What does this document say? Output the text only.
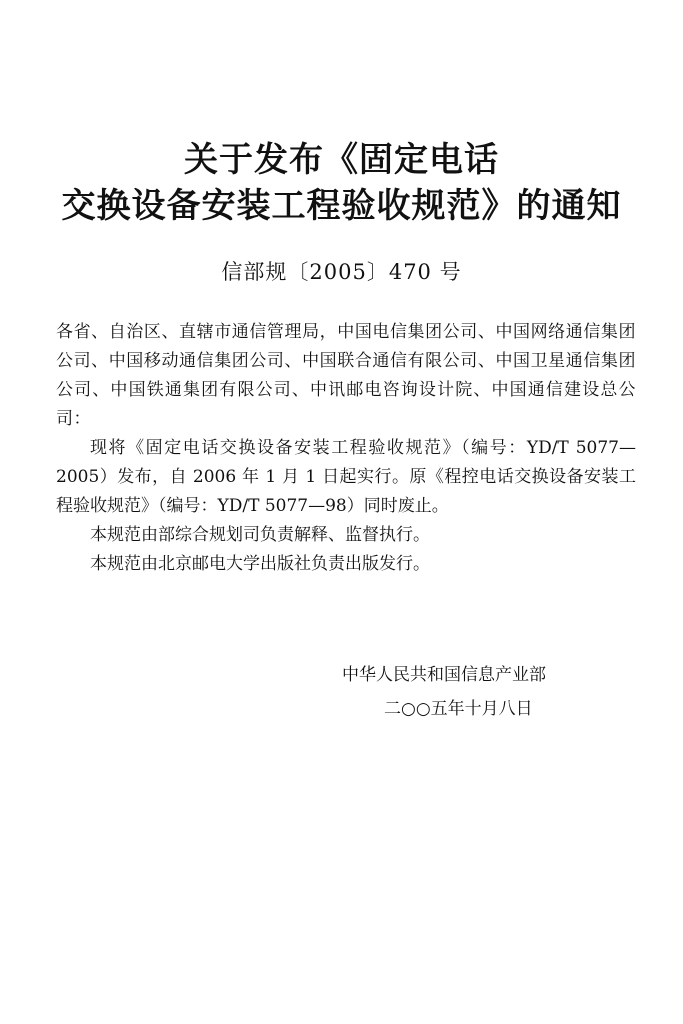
关于发布《固定电话
交换设备安装工程验收规范》的通知
信部规〔2005〕470 号

各省、自治区、直辖市通信管理局，中国电信集团公司、中国网络通信集团公司、中国移动通信集团公司、中国联合通信有限公司、中国卫星通信集团公司、中国铁通集团有限公司、中讯邮电咨询设计院、中国通信建设总公司：

现将《固定电话交换设备安装工程验收规范》（编号：YD/T 5077—2005）发布，自 2006 年 1 月 1 日起实行。原《程控电话交换设备安装工程验收规范》（编号：YD/T 5077—98）同时废止。

本规范由部综合规划司负责解释、监督执行。

本规范由北京邮电大学出版社负责出版发行。

中华人民共和国信息产业部
二○○五年十月八日
